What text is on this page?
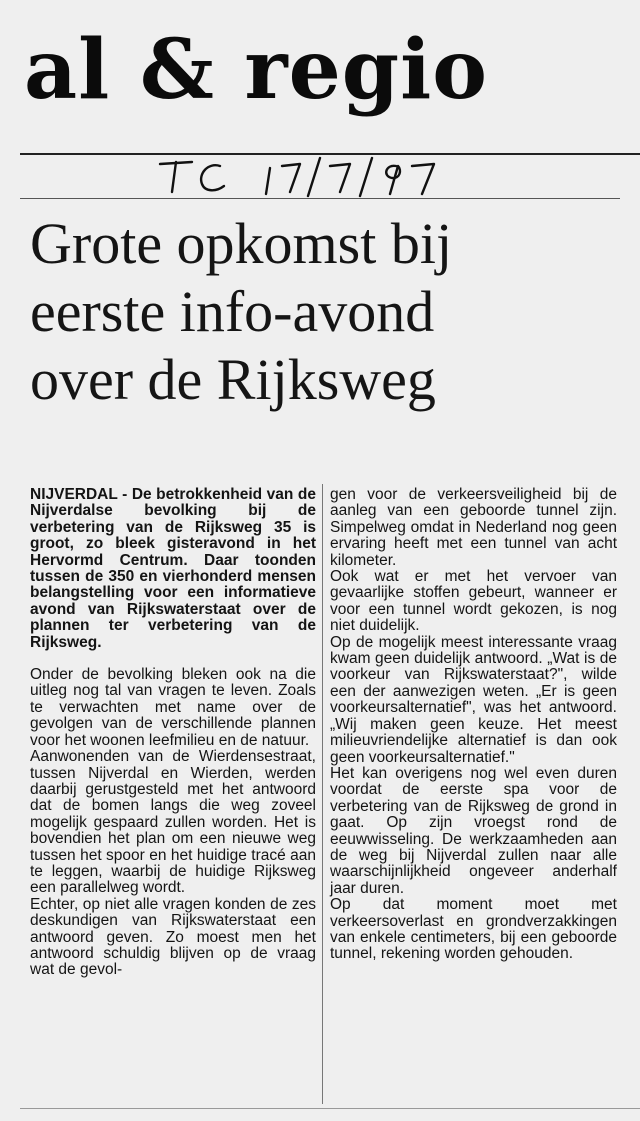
al & regio
Grote opkomst bij
eerste info-avond
over de Rijksweg

NIJVERDAL - De betrokkenheid van de Nijverdalse bevolking bij de verbetering van de Rijksweg 35 is groot, zo bleek gisteravond in het Hervormd Centrum. Daar toonden tussen de 350 en vierhonderd mensen belangstelling voor een informatieve avond van Rijkswaterstaat over de plannen ter verbetering van de Rijksweg.

Onder de bevolking bleken ook na die uitleg nog tal van vragen te leven. Zoals te verwachten met name over de gevolgen van de verschillende plannen voor het woonen leefmilieu en de natuur.

Aanwonenden van de Wierdensestraat, tussen Nijverdal en Wierden, werden daarbij gerustgesteld met het antwoord dat de bomen langs die weg zoveel mogelijk gespaard zullen worden. Het is bovendien het plan om een nieuwe weg tussen het spoor en het huidige tracé aan te leggen, waarbij de huidige Rijksweg een parallelweg wordt.

Echter, op niet alle vragen konden de zes deskundigen van Rijkswaterstaat een antwoord geven. Zo moest men het antwoord schuldig blijven op de vraag wat de gevol-

gen voor de verkeersveiligheid bij de aanleg van een geboorde tunnel zijn. Simpelweg omdat in Nederland nog geen ervaring heeft met een tunnel van acht kilometer.

Ook wat er met het vervoer van gevaarlijke stoffen gebeurt, wanneer er voor een tunnel wordt gekozen, is nog niet duidelijk.

Op de mogelijk meest interessante vraag kwam geen duidelijk antwoord. „Wat is de voorkeur van Rijkswaterstaat?", wilde een der aanwezigen weten. „Er is geen voorkeursalternatief", was het antwoord. „Wij maken geen keuze. Het meest milieuvriendelijke alternatief is dan ook geen voorkeursalternatief."

Het kan overigens nog wel even duren voordat de eerste spa voor de verbetering van de Rijksweg de grond in gaat. Op zijn vroegst rond de eeuwwisseling. De werkzaamheden aan de weg bij Nijverdal zullen naar alle waarschijnlijkheid ongeveer anderhalf jaar duren.

Op dat moment moet met verkeersoverlast en grondverzakkingen van enkele centimeters, bij een geboorde tunnel, rekening worden gehouden.
